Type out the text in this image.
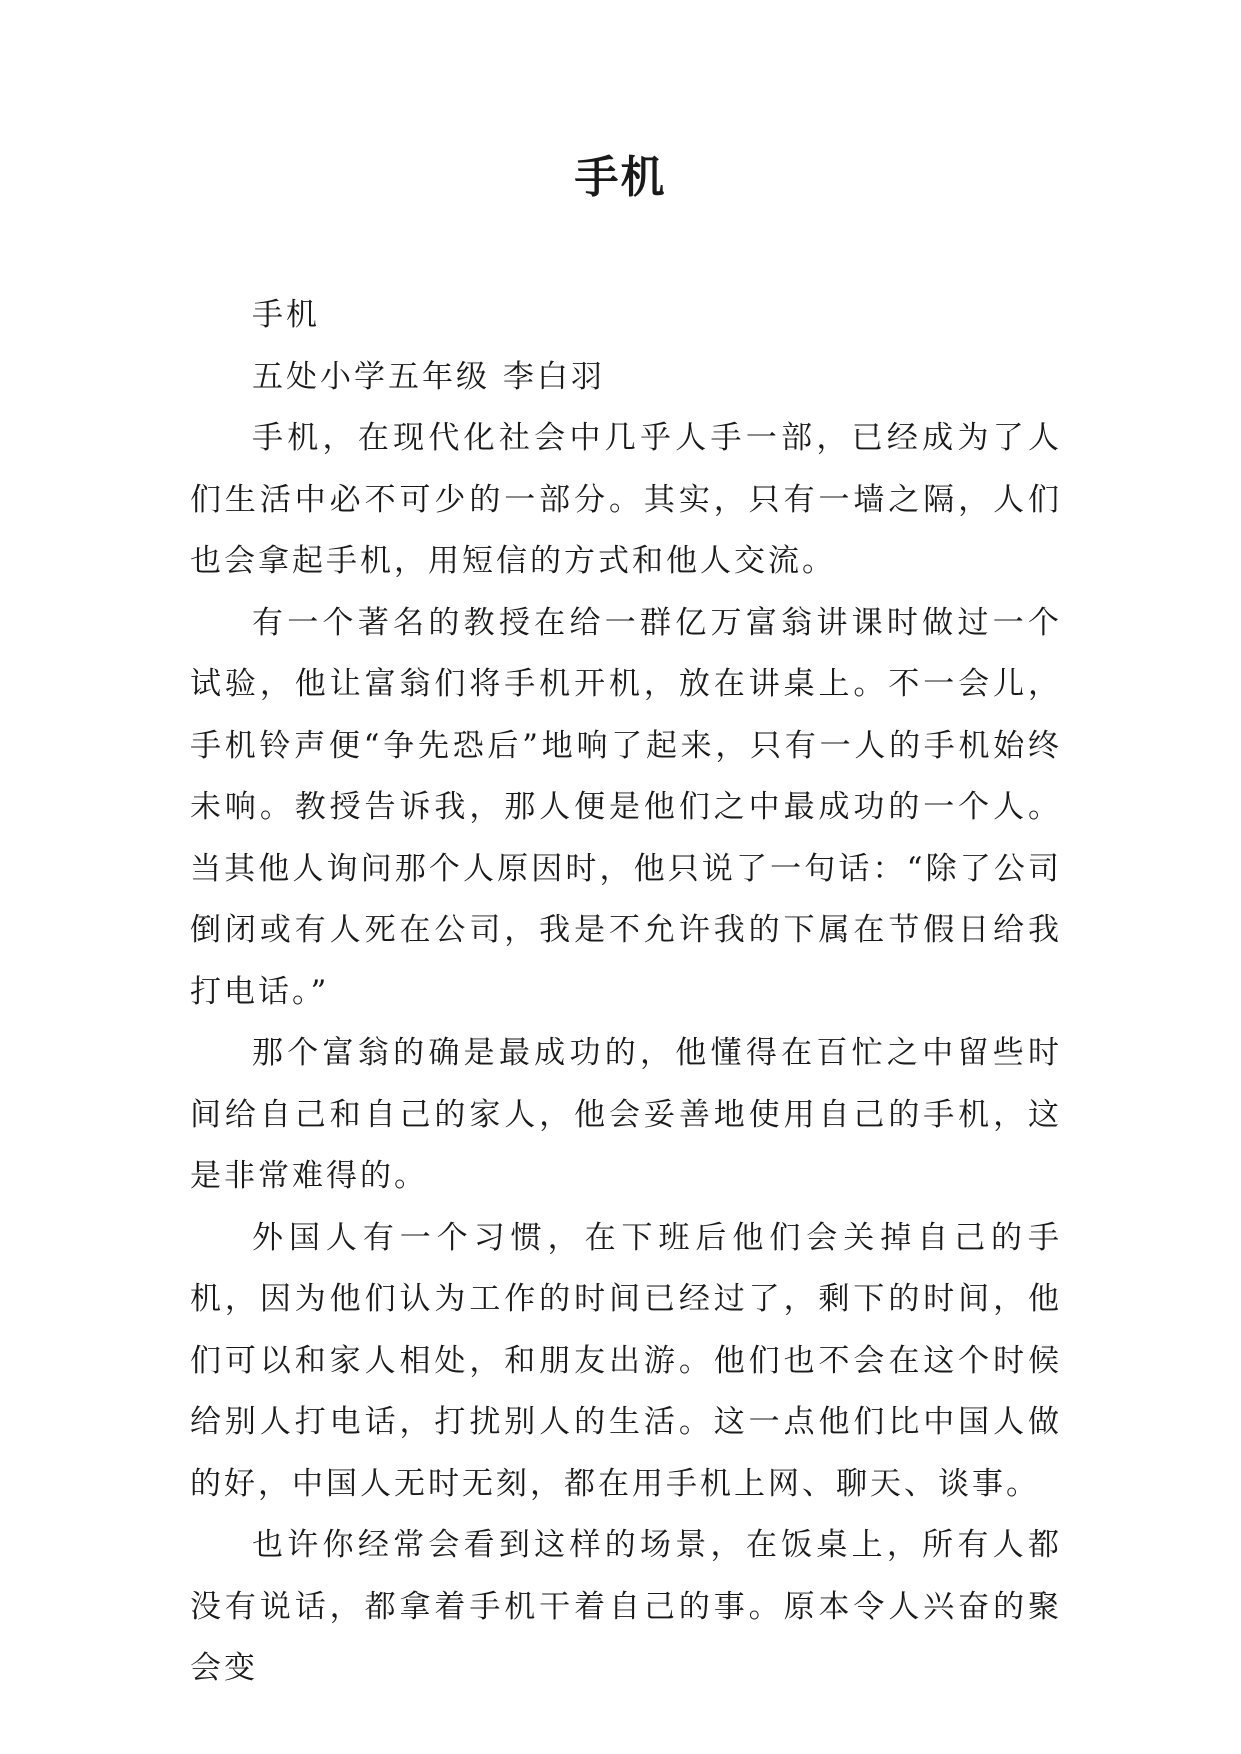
手机

手机

五处小学五年级 李白羽

手机，在现代化社会中几乎人手一部，已经成为了人们生活中必不可少的一部分。其实，只有一墙之隔，人们也会拿起手机，用短信的方式和他人交流。

有一个著名的教授在给一群亿万富翁讲课时做过一个试验，他让富翁们将手机开机，放在讲桌上。不一会儿，手机铃声便“争先恐后”地响了起来，只有一人的手机始终未响。教授告诉我，那人便是他们之中最成功的一个人。当其他人询问那个人原因时，他只说了一句话：“除了公司倒闭或有人死在公司，我是不允许我的下属在节假日给我打电话。”

那个富翁的确是最成功的，他懂得在百忙之中留些时间给自己和自己的家人，他会妥善地使用自己的手机，这是非常难得的。

外国人有一个习惯，在下班后他们会关掉自己的手机，因为他们认为工作的时间已经过了，剩下的时间，他们可以和家人相处，和朋友出游。他们也不会在这个时候给别人打电话，打扰别人的生活。这一点他们比中国人做的好，中国人无时无刻，都在用手机上网、聊天、谈事。

也许你经常会看到这样的场景，在饭桌上，所有人都没有说话，都拿着手机干着自己的事。原本令人兴奋的聚会变
